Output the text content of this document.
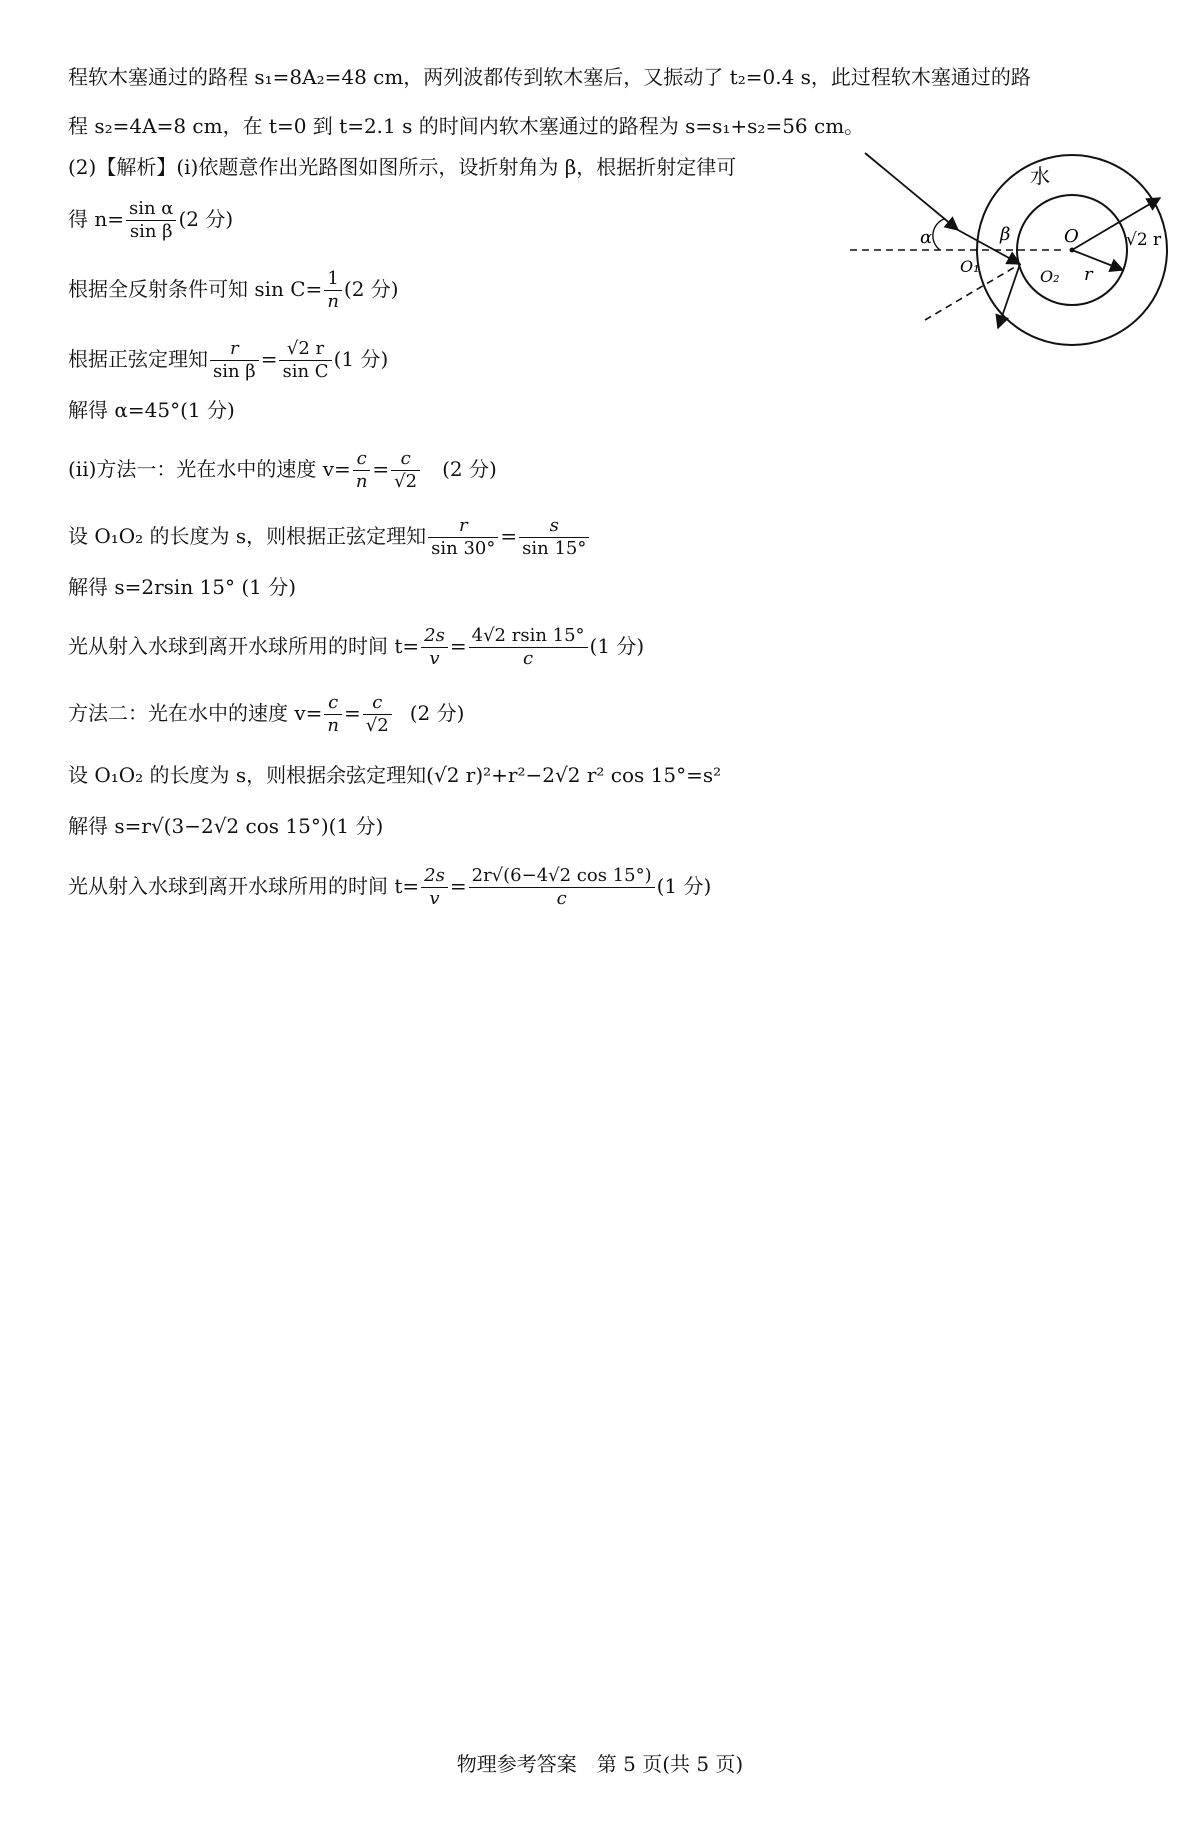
程软木塞通过的路程 s₁=8A₂=48 cm，两列波都传到软木塞后，又振动了 t₂=0.4 s，此过程软木塞通过的路
程 s₂=4A=8 cm，在 t=0 到 t=2.1 s 的时间内软木塞通过的路程为 s=s₁+s₂=56 cm。
(2)【解析】(i)依题意作出光路图如图所示，设折射角为 β，根据折射定律可
得 $n= \frac{\text{sin α}}{\text{sin β}} (2$ 分)
根据全反射条件可知 $\sin C= \frac{1}{n} (2$ 分)
根据正弦定理知 $\frac{r}{\text{sin β}} = \frac{√2 r}{\text{sin C}} (1$ 分)
解得 α=45°(1 分)
(ii)方法一：光在水中的速度 $v= \frac{c}{n} = \frac{c}{√2} (2$ 分)
设 O₁O₂ 的长度为 s，则根据正弦定理知 $\frac{r}{\sin 30^\circ} = \frac{s}{\sin 15^\circ}$
解得 s=2rsin 15° (1 分)
光从射入水球到离开水球所用的时间 $t= \frac{2s}{v} = \frac{4√2 rsin 15^\circ}{c} (1$ 分)
方法二：光在水中的速度 $v= \frac{c}{n} = \frac{c}{√2} (2$ 分)
设 O₁O₂ 的长度为 s，则根据余弦定理知(√2 r)²+r²−2√2 r² cos 15°=s²
解得 s=r√(3−2√2 cos 15°)(1 分)
光从射入水球到离开水球所用的时间 $t= \frac{2s}{v} = \frac{2r√(6-4√2 \cos 15^\circ)}{c} (1$ 分)
水
α	β	O
O₁
O₂ r
√2 r
物理参考答案　第 5 页(共 5 页)
